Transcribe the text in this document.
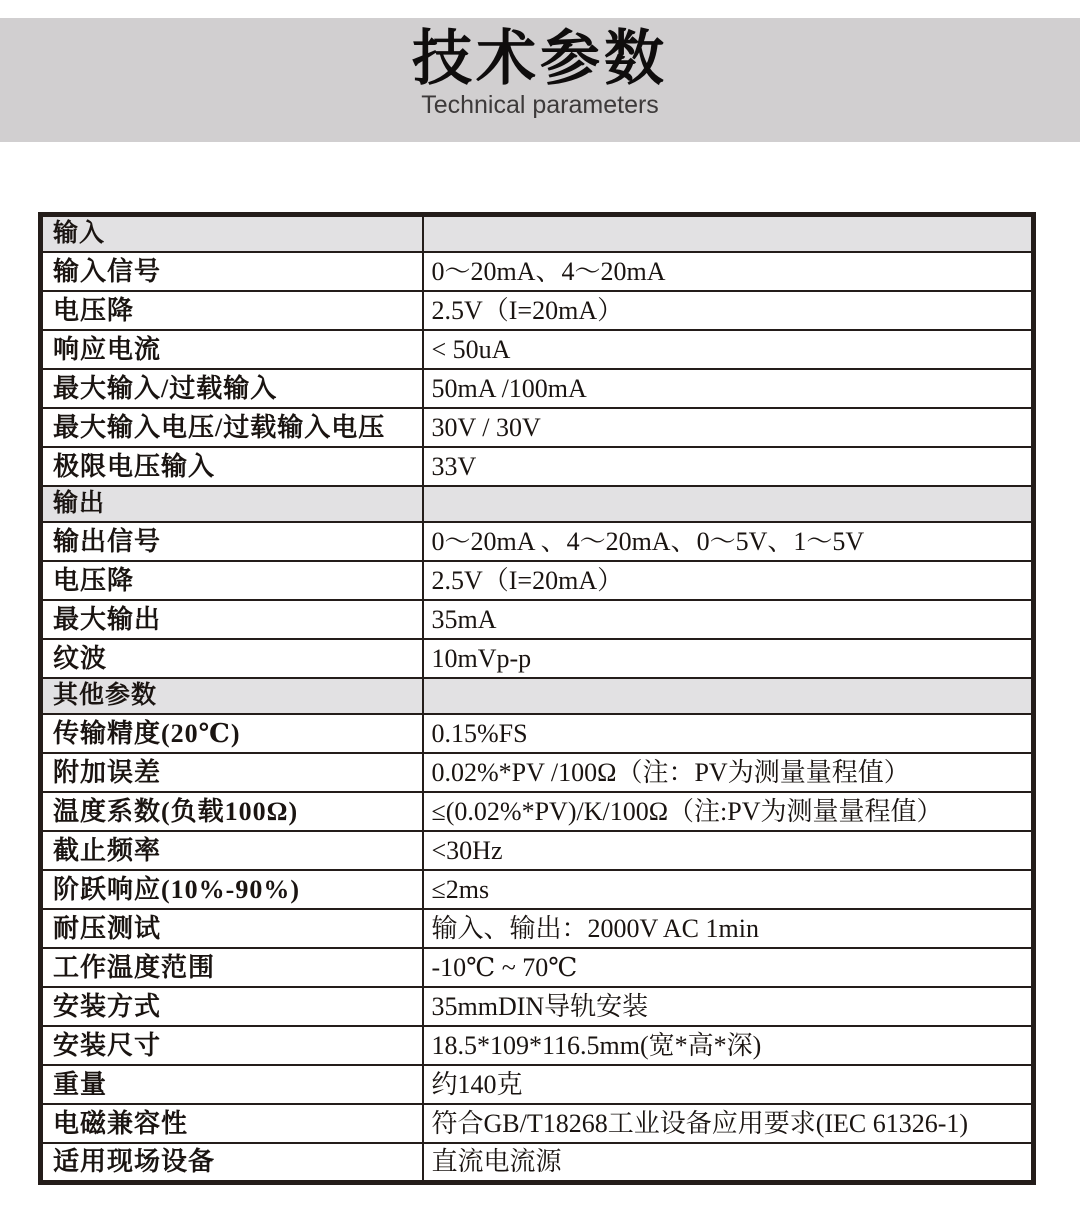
技术参数
Technical parameters
输入	
输入信号	0～20mA、4～20mA
电压降	2.5V（I=20mA）
响应电流	< 50uA
最大输入/过载输入	50mA /100mA
最大输入电压/过载输入电压	30V / 30V
极限电压输入	33V
输出	
输出信号	0～20mA 、4～20mA、0～5V、1～5V
电压降	2.5V（I=20mA）
最大输出	35mA
纹波	10mVp-p
其他参数	
传输精度(20℃)	0.15%FS
附加误差	0.02%*PV /100Ω（注：PV为测量量程值）
温度系数(负载100Ω)	≤(0.02%*PV)/K/100Ω（注:PV为测量量程值）
截止频率	<30Hz
阶跃响应(10%-90%)	≤2ms
耐压测试	输入、输出：2000V AC 1min
工作温度范围	-10℃ ~ 70℃
安装方式	35mmDIN导轨安装
安装尺寸	18.5*109*116.5mm(宽*高*深)
重量	约140克
电磁兼容性	符合GB/T18268工业设备应用要求(IEC 61326-1)
适用现场设备	直流电流源
